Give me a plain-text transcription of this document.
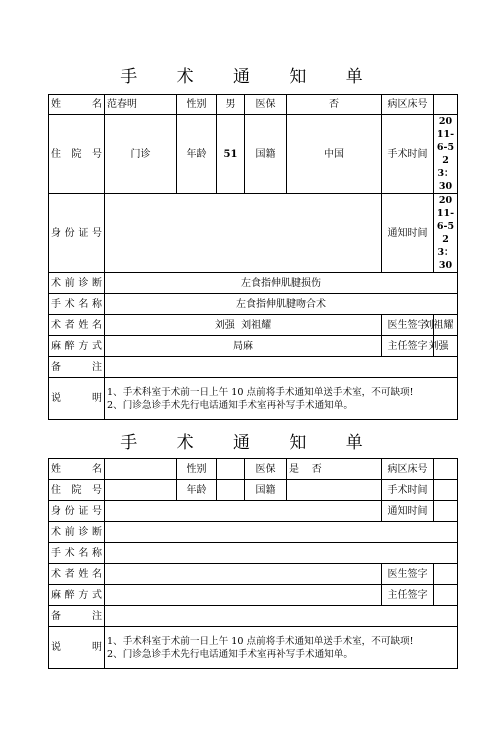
手 术 通 知 单
姓 名	范春明	性别	男	医保	否	病区床号	
住 院 号	门诊	年龄	51	国籍	中国	手术时间	2011-6-5 23：30
身份证号						通知时间	2011-6-5 23：30
术前诊断	左食指伸肌腱损伤						
手术名称	左食指伸肌腱吻合术						
术者姓名	刘强  刘祖耀					医生签字	刘祖耀
麻醉方式	局麻					主任签字	刘强
备 注							
说 明	1、手术科室于术前一日上午 10 点前将手术通知单送手术室，不可缺项!
2、门诊急诊手术先行电话通知手术室再补写手术通知单。						
手 术 通 知 单
姓 名		性别		医保	是    否	病区床号	
住 院 号		年龄		国籍		手术时间	
身份证号						通知时间	
术前诊断							
手术名称							
术者姓名						医生签字	
麻醉方式						主任签字	
备 注							
说 明	1、手术科室于术前一日上午 10 点前将手术通知单送手术室，不可缺项!
2、门诊急诊手术先行电话通知手术室再补写手术通知单。						
